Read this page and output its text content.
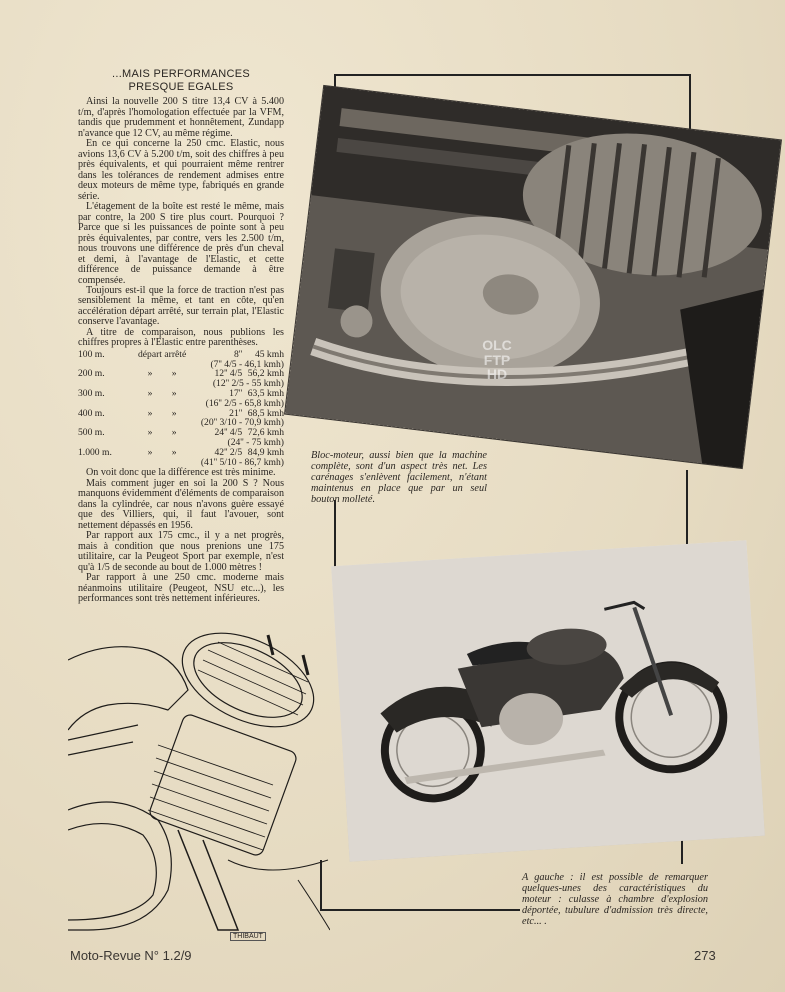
...MAIS PERFORMANCES
PRESQUE EGALES

Ainsi la nouvelle 200 S titre 13,4 CV à 5.400 t/m, d'après l'homologation effectuée par la VFM, tandis que prudemment et honnêtement, Zundapp n'avance que 12 CV, au même régime.

En ce qui concerne la 250 cmc. Elastic, nous avions 13,6 CV à 5.200 t/m, soit des chiffres à peu près équivalents, et qui pourraient même rentrer dans les tolérances de rendement admises entre deux moteurs de même type, fabriqués en grande série.

L'étagement de la boîte est resté le même, mais par contre, la 200 S tire plus court. Pourquoi ? Parce que si les puissances de pointe sont à peu près équivalentes, par contre, vers les 2.500 t/m, nous trouvons une différence de près d'un cheval et demi, à l'avantage de l'Elastic, et cette différence de puissance demande à être compensée.

Toujours est-il que la force de traction n'est pas sensiblement la même, et tant en côte, qu'en accélération départ arrêté, sur terrain plat, l'Elastic conserve l'avantage.

A titre de comparaison, nous publions les chiffres propres à l'Elastic entre parenthèses.

100 m.	départ arrêté		8''	45 kmh
(7'' 4/5 - 46,1 kmh)				
200 m.	»	»	12'' 4/5	56,2 kmh
(12'' 2/5 - 55 kmh)				
300 m.	»	»	17''	63,5 kmh
(16'' 2/5 - 65,8 kmh)				
400 m.	»	»	21''	68,5 kmh
(20'' 3/10 - 70,9 kmh)				
500 m.	»	»	24'' 4/5	72,6 kmh
(24'' - 75 kmh)				
1.000 m.	»	»	42'' 2/5	84,9 kmh
(41'' 5/10 - 86,7 kmh)				

On voit donc que la différence est très minime.

Mais comment juger en soi la 200 S ? Nous manquons évidemment d'éléments de comparaison dans la cylindrée, car nous n'avons guère essayé que des Villiers, qui, il faut l'avouer, sont nettement dépassés en 1956.

Par rapport aux 175 cmc., il y a net progrès, mais à condition que nous prenions une 175 utilitaire, car la Peugeot Sport par exemple, n'est qu'à 1/5 de seconde au bout de 1.000 mètres !

Par rapport à une 250 cmc. moderne mais néanmoins utilitaire (Peugeot, NSU etc...), les performances sont très nettement inférieures.

OLC
FTP
HD
Bloc-moteur, aussi bien que la machine complète, sont d'un aspect très net. Les carénages s'enlèvent facilement, n'étant maintenus en place que par un seul bouton molleté.
A gauche : il est possible de remarquer quelques-unes des caractéristiques du moteur : culasse à chambre d'explosion déportée, tubulure d'admission très directe, etc... .
THIBAUT
Moto-Revue N° 1.2/9	273
